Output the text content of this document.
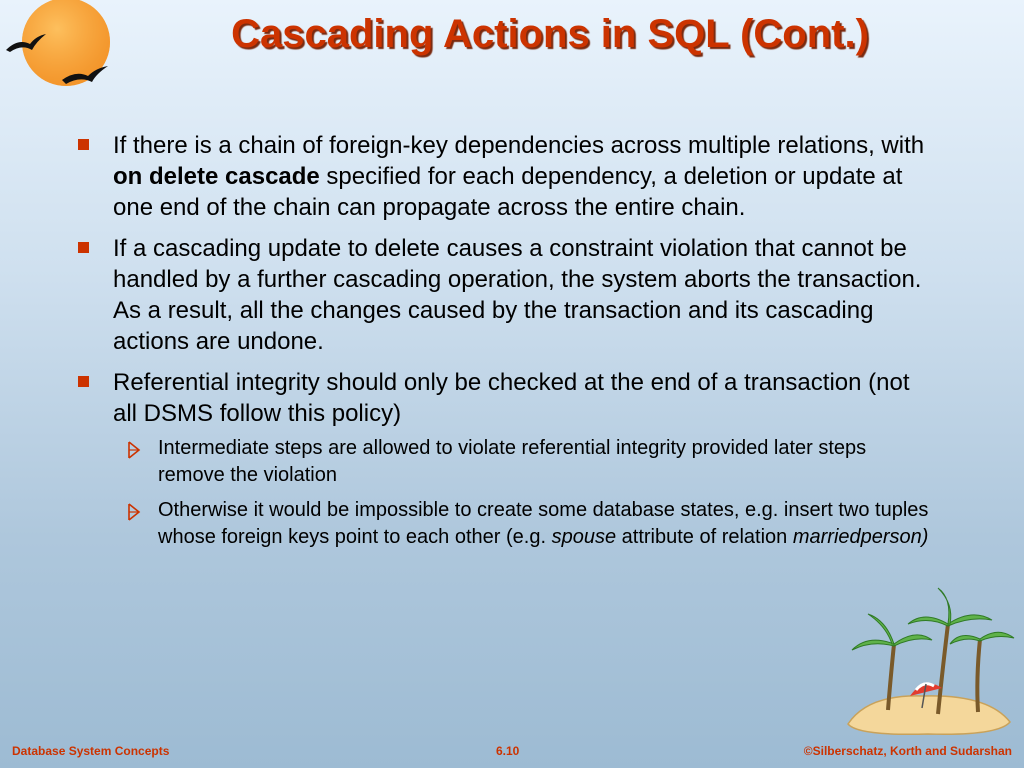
Cascading Actions in SQL (Cont.)
If there is a chain of foreign-key dependencies across multiple relations, with on delete cascade specified for each dependency, a deletion or update at one end of the chain can propagate across the entire chain.
If a cascading update to delete causes a constraint violation that cannot be handled by a further cascading operation, the system aborts the transaction. As a result, all the changes caused by the transaction and its cascading actions are undone.
Referential integrity should only be checked at the end of a transaction (not all DSMS follow this policy)
Intermediate steps are allowed to violate referential integrity provided later steps remove the violation
Otherwise it would be impossible to create some database states, e.g. insert two tuples whose foreign keys point to each other (e.g. spouse attribute of relation marriedperson)
Database System Concepts	6.10	©Silberschatz, Korth and Sudarshan
